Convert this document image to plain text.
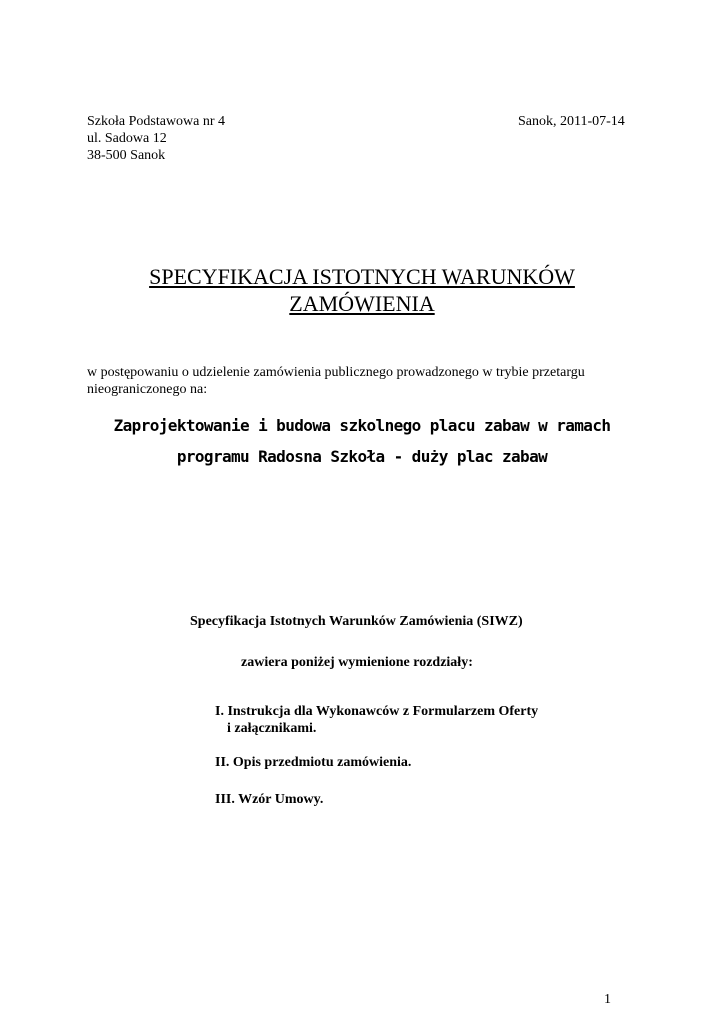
Szkoła Podstawowa nr 4
ul. Sadowa 12
38-500 Sanok
Sanok, 2011-07-14
SPECYFIKACJA ISTOTNYCH WARUNKÓW
ZAMÓWIENIA
w postępowaniu o udzielenie zamówienia publicznego prowadzonego w trybie przetargu
nieograniczonego na:
Zaprojektowanie i budowa szkolnego placu zabaw w ramach
programu Radosna Szkoła - duży plac zabaw
Specyfikacja Istotnych Warunków Zamówienia (SIWZ)
zawiera poniżej wymienione rozdziały:
I. Instrukcja dla Wykonawców z Formularzem Oferty
i załącznikami.
II. Opis przedmiotu zamówienia.
III. Wzór Umowy.
1
